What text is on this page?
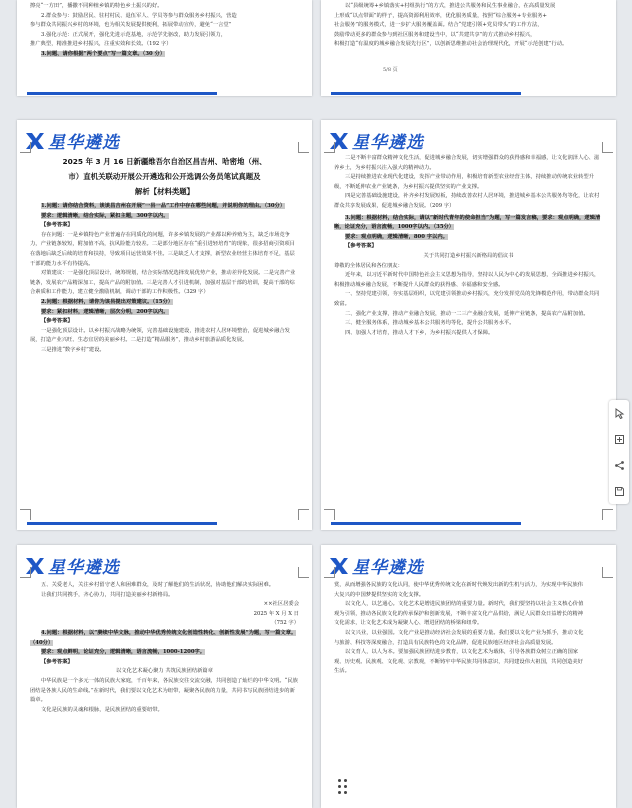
擦亮“一方田”，播撒不同种植乡镇的特色乡土振兴的好。

2.群众参与：鼓励居民、驻村村民、退伍军人、学员等参与群众服务乡村振兴，营造

参与群众共同振兴乡村的环境，也为相关发展提供便利，拓展带动宣传，避免“一言堂”

3.强化示范：正式展开，强化先进示范基地，示范学先驱改，助力发展引领力，

推广典型，精准推进乡村振兴，注重实效和长效。（192 字）

3.问题、请你根据“两个要点”写一篇文章。（30 分）

以“县级统筹+乡镇落实+村组执行”的方式，推进公共服务和民生事业融合，在高质量发展

上形成“以点带面”的样子，提高资源利用效率，优化服务质量，按照“综合服务+专业服务+

社会服务”的服务模式，进一步扩大服务覆盖面。结合“党建引领+党员带头”的工作方法，

鼓励带动更多的群众参与到社区服务和建设当中，以“共建共享”的方式推动乡村振兴，

积极打造“有温度的城乡融合发展先行区”，以创新思维推动社会治理现代化，开展“示范创建”行动。

5/8 页
星华遴选
2025 年 3 月 16 日新疆维吾尔自治区昌吉州、哈密地（州、
市）直机关联动开展公开遴选和公开选调公务员笔试真题及
解析【材料类题】

1.问题：请你结合资料，谈谈昌吉州在开展“一县一品”工作中存在哪些问题，并说明你的理由。（30分）

要求：逻辑清晰，结合实际，紧扣主题，300字以内。

【参考答案】

存在问题：一是乡镇特色产业普遍存在同质化的问题，许多乡镇发展的产业都以种养殖为主，缺乏市场竞争力，产业链条较短，附加值不高，抗风险能力较差。二是部分地区存在“重引进轻培育”的现象，很多招商引资项目在落地后缺乏后续的培育和扶持，导致项目运营效果不佳。三是缺乏人才支撑，新型农业经营主体培育不足，基层干部的能力水平有待提高。

对策建议：一是强化顶层设计，统筹规划，结合实际情况选择发展优势产业，推动差异化发展。二是完善产业链条，发展农产品精深加工，提高产品的附加值。三是完善人才引进机制，加强对基层干部的培训，提高干部的综合素质和工作能力，建立健全激励机制，调动干部的工作积极性。（329 字）

2.问题：根据材料，请你为该县提出对策建议。（15分）

要求：紧扣材料，逻辑清晰，层次分明，200字以内。

【参考答案】

一是强化顶层设计。以乡村振兴战略为统领，完善基础设施建设，推进农村人居环境整治，促进城乡融合发展，打造产业兴旺、生态宜居的美丽乡村。二是打造“精品服务”，推动乡村旅游品质化发展。

三是推进“数字乡村”建设。

星华遴选

二是不断丰富群众精神文化生活，促进城乡融合发展，切实增强群众的获得感和幸福感，让文化润泽人心、滋养乡土，为乡村振兴注入强大的精神动力。

三是持续推进农业现代化建设，发挥产业带动作用，积极培育新型农业经营主体，持续推动传统农业转型升级，不断延伸农业产业链条，为乡村振兴提供坚实的产业支撑。

四是完善基础设施建设，补齐乡村发展短板，持续改善农村人居环境，推进城乡基本公共服务均等化，让农村群众共享发展成果，促进城乡融合发展。（209 字）

3.问题：根据材料，结合实际，请以“新时代青年的使命担当”为题，写一篇发言稿，要求：观点明确，逻辑清晰，论证充分，语言流畅，1000字以内。（35分）

要求：观点明确，逻辑清晰，800 字以内。

【参考答案】

关于共同打造乡村振兴新格局的倡议书

尊敬的全体居民和各位朋友：

近年来，以习近平新时代中国特色社会主义思想为指导，坚持以人民为中心的发展思想，全面推进乡村振兴，积极推动城乡融合发展，不断提升人民群众的获得感、幸福感和安全感。

一、坚持党建引领，夯实基层组织，以党建引领推动乡村振兴，充分发挥党员的先锋模范作用，带动群众共同致富。

二、强化产业支撑，推动产业融合发展，推动一二三产业融合发展，延伸产业链条，提高农产品附加值。

三、健全服务体系，推动城乡基本公共服务均等化，提升公共服务水平。

四、加强人才培育，推动人才下乡，为乡村振兴提供人才保障。

星华遴选

五、关爱老人，关注乡村留守老人和困难群众，及时了解他们的生活状况，协助他们解决实际困难。

让我们共同携手，齐心协力，共同打造美丽乡村新格局。

××社区居委会

2025 年 X 月 X 日

（752 字）

4.问题：根据材料，以“赓续中华文脉，推动中华优秀传统文化创造性转化、创新性发展”为题，写一篇文章。（40分）

要求：观点鲜明，论证充分，逻辑清晰，语言流畅，1000-1200字。

【参考答案】

以文化艺术凝心聚力 共筑民族团结新篇章

中华民族是一个多元一体的民族大家庭，千百年来，各民族交往交流交融，共同创造了灿烂的中华文明。“民族团结是各族人民的生命线。”在新时代，我们要以文化艺术为纽带，凝聚各民族的力量，共同书写民族团结进步的新篇章。

文化是民族的灵魂和根脉，是民族团结的重要纽带。

星华遴选

赏，从而增强各民族的文化认同，使中华优秀传统文化在新时代焕发出新的生机与活力，为实现中华民族伟大复兴的中国梦提供坚实的文化支撑。

以文化人，以艺通心。文化艺术是增进民族团结的重要力量。新时代，我们要坚持以社会主义核心价值观为引领，推动各民族文化的传承保护和创新发展，不断丰富文化产品供给，满足人民群众日益增长的精神文化需求，让文化艺术成为凝聚人心、增进团结的桥梁和纽带。

以文兴业，以业强国。文化产业是推动经济社会发展的重要力量。我们要以文化产业为抓手，推动文化与旅游、科技等深度融合，打造具有民族特色的文化品牌，促进民族地区经济社会高质量发展。

以文育人，以人为本。要加强民族团结进步教育，以文化艺术为载体，引导各族群众树立正确的国家观、历史观、民族观、文化观、宗教观，不断铸牢中华民族共同体意识，共同建设伟大祖国，共同创造美好生活。
